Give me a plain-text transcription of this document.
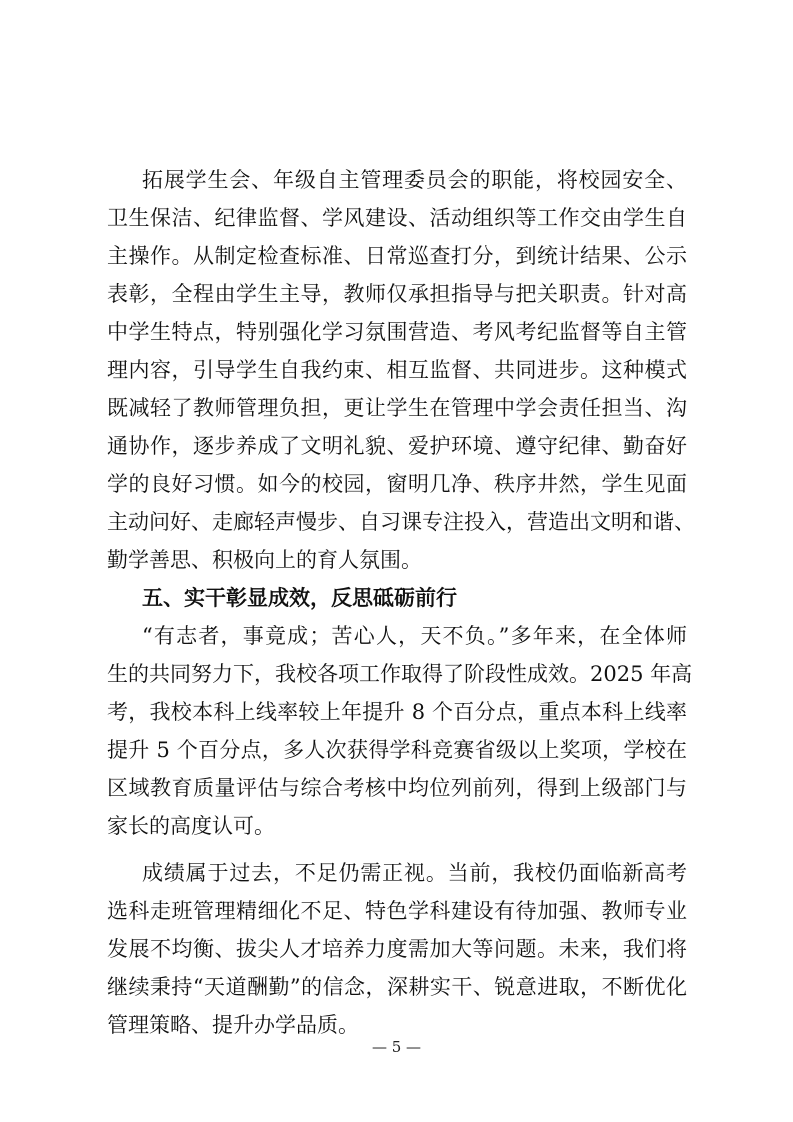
拓展学生会、年级自主管理委员会的职能，将校园安全、
卫生保洁、纪律监督、学风建设、活动组织等工作交由学生自
主操作。从制定检查标准、日常巡查打分，到统计结果、公示
表彰，全程由学生主导，教师仅承担指导与把关职责。针对高
中学生特点，特别强化学习氛围营造、考风考纪监督等自主管
理内容，引导学生自我约束、相互监督、共同进步。这种模式
既减轻了教师管理负担，更让学生在管理中学会责任担当、沟
通协作，逐步养成了文明礼貌、爱护环境、遵守纪律、勤奋好
学的良好习惯。如今的校园，窗明几净、秩序井然，学生见面
主动问好、走廊轻声慢步、自习课专注投入，营造出文明和谐、
勤学善思、积极向上的育人氛围。
五、实干彰显成效，反思砥砺前行
“有志者，事竟成；苦心人，天不负。”多年来，在全体师
生的共同努力下，我校各项工作取得了阶段性成效。2025 年高
考，我校本科上线率较上年提升 8 个百分点，重点本科上线率
提升 5 个百分点，多人次获得学科竞赛省级以上奖项，学校在
区域教育质量评估与综合考核中均位列前列，得到上级部门与
家长的高度认可。
成绩属于过去，不足仍需正视。当前，我校仍面临新高考
选科走班管理精细化不足、特色学科建设有待加强、教师专业
发展不均衡、拔尖人才培养力度需加大等问题。未来，我们将
继续秉持“天道酬勤”的信念，深耕实干、锐意进取，不断优化
管理策略、提升办学品质。
— 5 —
